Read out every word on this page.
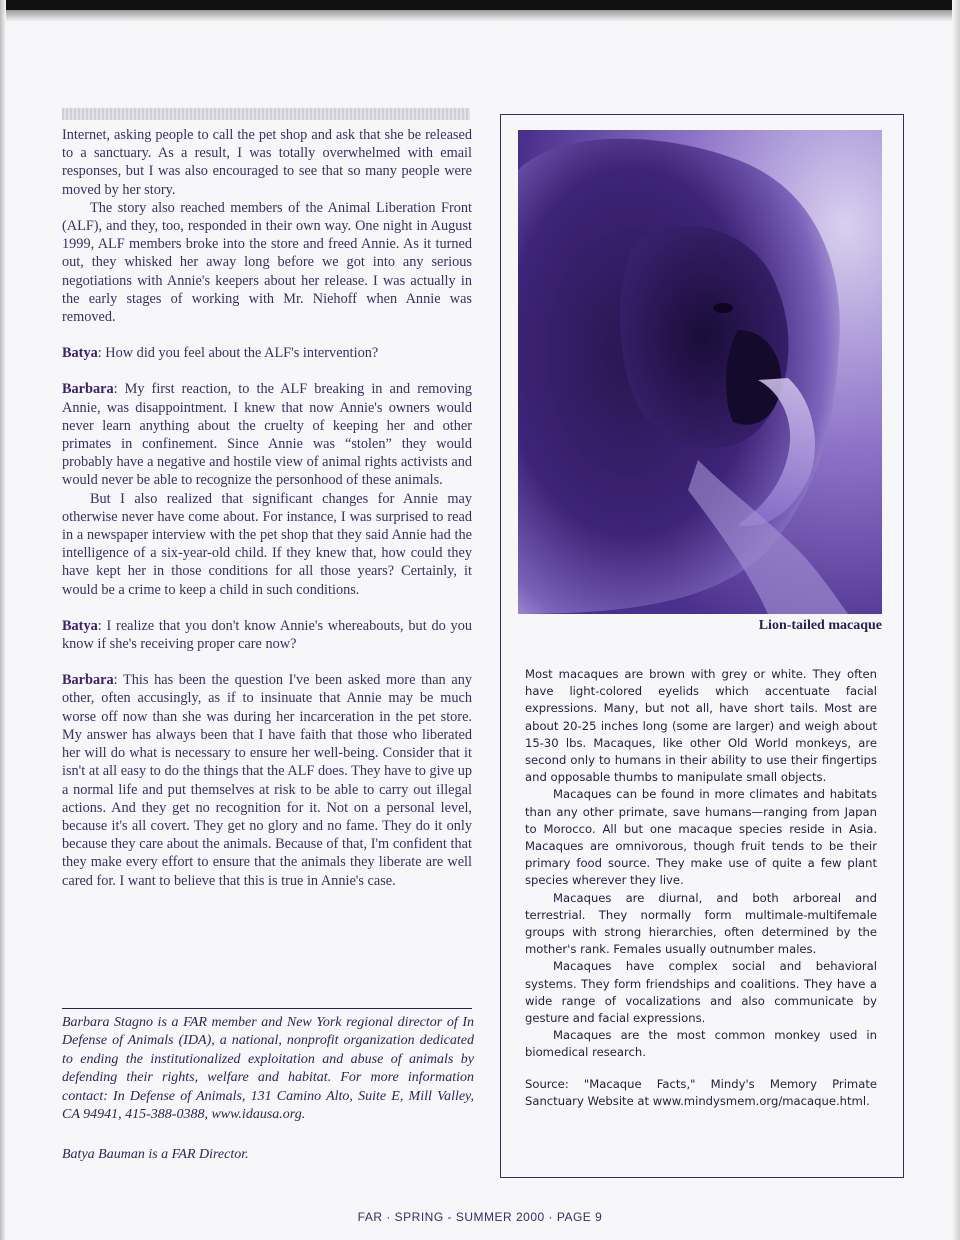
Internet, asking people to call the pet shop and ask that she be released to a sanctuary. As a result, I was totally overwhelmed with email responses, but I was also encouraged to see that so many people were moved by her story.

The story also reached members of the Animal Liberation Front (ALF), and they, too, responded in their own way. One night in August 1999, ALF members broke into the store and freed Annie. As it turned out, they whisked her away long before we got into any serious negotiations with Annie's keepers about her release. I was actually in the early stages of working with Mr. Niehoff when Annie was removed.

Batya: How did you feel about the ALF's intervention?

Barbara: My first reaction, to the ALF breaking in and removing Annie, was disappointment. I knew that now Annie's owners would never learn anything about the cruelty of keeping her and other primates in confinement. Since Annie was “stolen” they would probably have a negative and hostile view of animal rights activists and would never be able to recognize the personhood of these animals.

But I also realized that significant changes for Annie may otherwise never have come about. For instance, I was surprised to read in a newspaper interview with the pet shop that they said Annie had the intelligence of a six-year-old child. If they knew that, how could they have kept her in those conditions for all those years? Certainly, it would be a crime to keep a child in such conditions.

Batya: I realize that you don't know Annie's whereabouts, but do you know if she's receiving proper care now?

Barbara: This has been the question I've been asked more than any other, often accusingly, as if to insinuate that Annie may be much worse off now than she was during her incarceration in the pet store. My answer has always been that I have faith that those who liberated her will do what is necessary to ensure her well-being. Consider that it isn't at all easy to do the things that the ALF does. They have to give up a normal life and put themselves at risk to be able to carry out illegal actions. And they get no recognition for it. Not on a personal level, because it's all covert. They get no glory and no fame. They do it only because they care about the animals. Because of that, I'm confident that they make every effort to ensure that the animals they liberate are well cared for. I want to believe that this is true in Annie's case.

Barbara Stagno is a FAR member and New York regional director of In Defense of Animals (IDA), a national, nonprofit organization dedicated to ending the institutionalized exploitation and abuse of animals by defending their rights, welfare and habitat. For more information contact: In Defense of Animals, 131 Camino Alto, Suite E, Mill Valley, CA 94941, 415-388-0388, www.idausa.org.
Batya Bauman is a FAR Director.
Lion-tailed macaque

Most macaques are brown with grey or white. They often have light-colored eyelids which accentuate facial expressions. Many, but not all, have short tails. Most are about 20-25 inches long (some are larger) and weigh about 15-30 lbs. Macaques, like other Old World monkeys, are second only to humans in their ability to use their fingertips and opposable thumbs to manipulate small objects.

Macaques can be found in more climates and habitats than any other primate, save humans—ranging from Japan to Morocco. All but one macaque species reside in Asia. Macaques are omnivorous, though fruit tends to be their primary food source. They make use of quite a few plant species wherever they live.

Macaques are diurnal, and both arboreal and terrestrial. They normally form multimale-multifemale groups with strong hierarchies, often determined by the mother's rank. Females usually outnumber males.

Macaques have complex social and behavioral systems. They form friendships and coalitions. They have a wide range of vocalizations and also communicate by gesture and facial expressions.

Macaques are the most common monkey used in biomedical research.

Source: "Macaque Facts," Mindy's Memory Primate Sanctuary Website at www.mindysmem.org/macaque.html.

FAR · SPRING - SUMMER 2000 · PAGE 9
